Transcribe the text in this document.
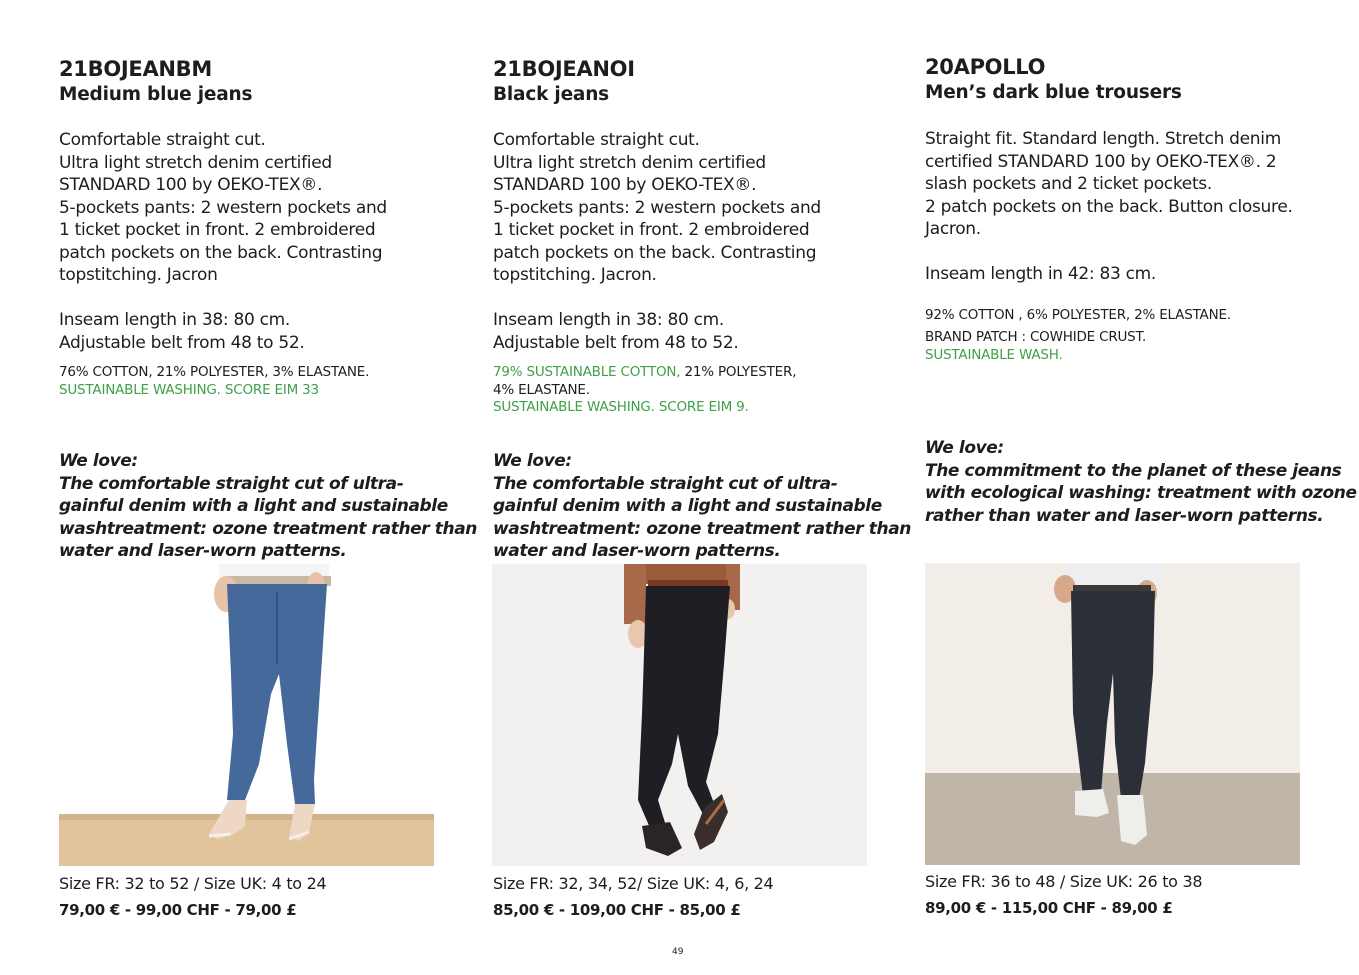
21BOJEANBM
Medium blue jeans
Comfortable straight cut.
Ultra light stretch denim certified
STANDARD 100 by OEKO-TEX®.
5-pockets pants: 2 western pockets and
1 ticket pocket in front. 2 embroidered
patch pockets on the back. Contrasting
topstitching. Jacron
Inseam length in 38: 80 cm.
Adjustable belt from 48 to 52.
76% COTTON, 21% POLYESTER, 3% ELASTANE.
SUSTAINABLE WASHING. SCORE EIM 33
We love:
The comfortable straight cut of ultra-
gainful denim with a light and sustainable
washtreatment: ozone treatment rather than
water and laser-worn patterns.
Size FR: 32 to 52 / Size UK: 4 to 24
79,00 € - 99,00 CHF - 79,00 £
21BOJEANOI
Black jeans
Comfortable straight cut.
Ultra light stretch denim certified
STANDARD 100 by OEKO-TEX®.
5-pockets pants: 2 western pockets and
1 ticket pocket in front. 2 embroidered
patch pockets on the back. Contrasting
topstitching. Jacron.
Inseam length in 38: 80 cm.
Adjustable belt from 48 to 52.
79% SUSTAINABLE COTTON, 21% POLYESTER,
4% ELASTANE.
SUSTAINABLE WASHING. SCORE EIM 9.
We love:
The comfortable straight cut of ultra-
gainful denim with a light and sustainable
washtreatment: ozone treatment rather than
water and laser-worn patterns.
Size FR: 32, 34, 52/ Size UK: 4, 6, 24
85,00 € - 109,00 CHF - 85,00 £
20APOLLO
Men’s dark blue trousers
Straight fit. Standard length. Stretch denim
certified STANDARD 100 by OEKO-TEX®. 2
slash pockets and 2 ticket pockets.
2 patch pockets on the back. Button closure.
Jacron.
Inseam length in 42: 83 cm.
92% COTTON , 6% POLYESTER, 2% ELASTANE.
BRAND PATCH : COWHIDE CRUST.
SUSTAINABLE WASH.
We love:
The commitment to the planet of these jeans
with ecological washing: treatment with ozone
rather than water and laser-worn patterns.
Size FR: 36 to 48 / Size UK: 26 to 38
89,00 € - 115,00 CHF - 89,00 £
49
